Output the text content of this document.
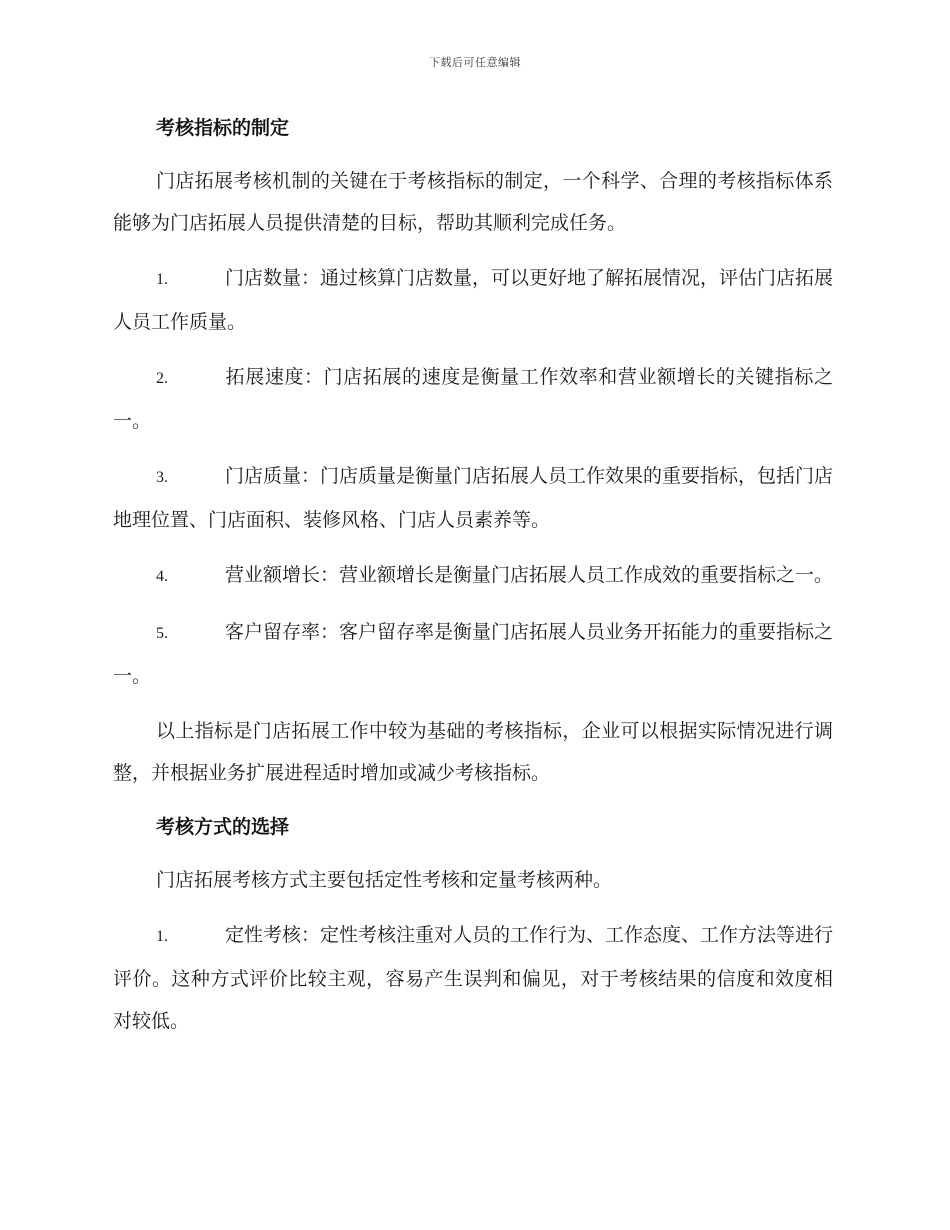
下载后可任意编辑
考核指标的制定

门店拓展考核机制的关键在于考核指标的制定，一个科学、合理的考核指标体系能够为门店拓展人员提供清楚的目标，帮助其顺利完成任务。

1.	门店数量：通过核算门店数量，可以更好地了解拓展情况，评估门店拓展人员工作质量。

2.	拓展速度：门店拓展的速度是衡量工作效率和营业额增长的关键指标之一。

3.	门店质量：门店质量是衡量门店拓展人员工作效果的重要指标，包括门店地理位置、门店面积、装修风格、门店人员素养等。

4.	营业额增长：营业额增长是衡量门店拓展人员工作成效的重要指标之一。

5.	客户留存率：客户留存率是衡量门店拓展人员业务开拓能力的重要指标之一。

以上指标是门店拓展工作中较为基础的考核指标，企业可以根据实际情况进行调整，并根据业务扩展进程适时增加或减少考核指标。

考核方式的选择

门店拓展考核方式主要包括定性考核和定量考核两种。

1.	定性考核：定性考核注重对人员的工作行为、工作态度、工作方法等进行评价。这种方式评价比较主观，容易产生误判和偏见，对于考核结果的信度和效度相对较低。
